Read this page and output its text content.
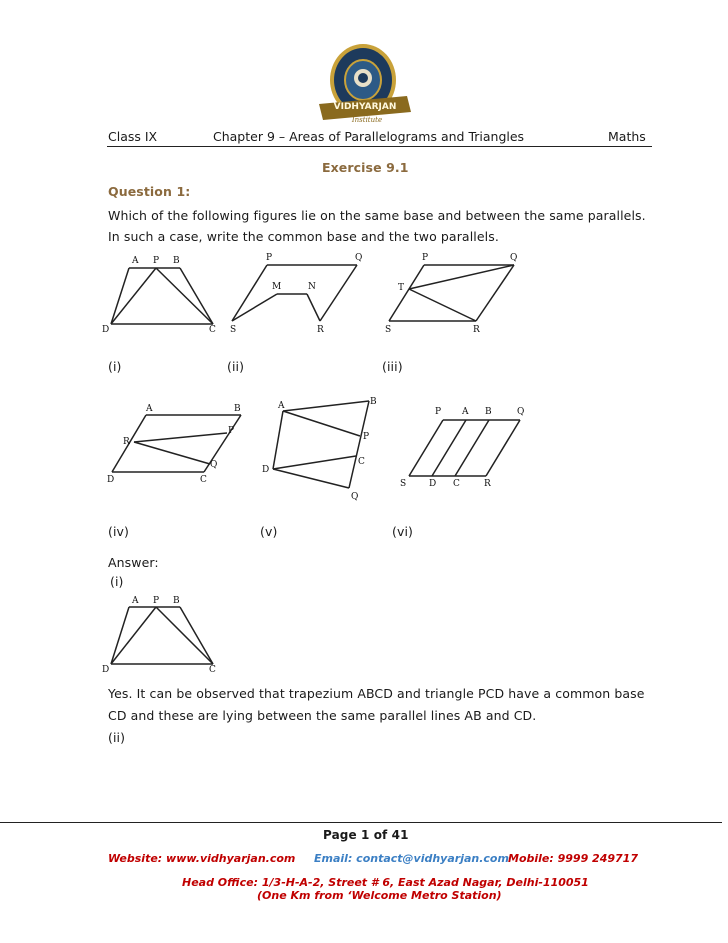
VIDHYARJAN
Institute
Class IX	Chapter 9 – Areas of Parallelograms and Triangles	Maths
Exercise 9.1
Question 1:
Which of the following figures lie on the same base and between the same parallels.
In such a case, write the common base and the two parallels.
A P B
D	C
P	Q
M	N
S	R
P	Q
T
S	R
(i)	(ii)	(iii)
A	B
P
R
Q
D	C
A	B
P
C
D
Q
P A B	Q
S	D C	R
(iv)	(v)	(vi)
Answer:
(i)
A P B
D	C
Yes. It can be observed that trapezium ABCD and triangle PCD have a common base
CD and these are lying between the same parallel lines AB and CD.
(ii)
Page 1 of 41
Website: www.vidhyarjan.com Email: contact@vidhyarjan.com Mobile: 9999 249717
Head Office: 1/3-H-A-2, Street # 6, East Azad Nagar, Delhi-110051
(One Km from ‘Welcome Metro Station)
